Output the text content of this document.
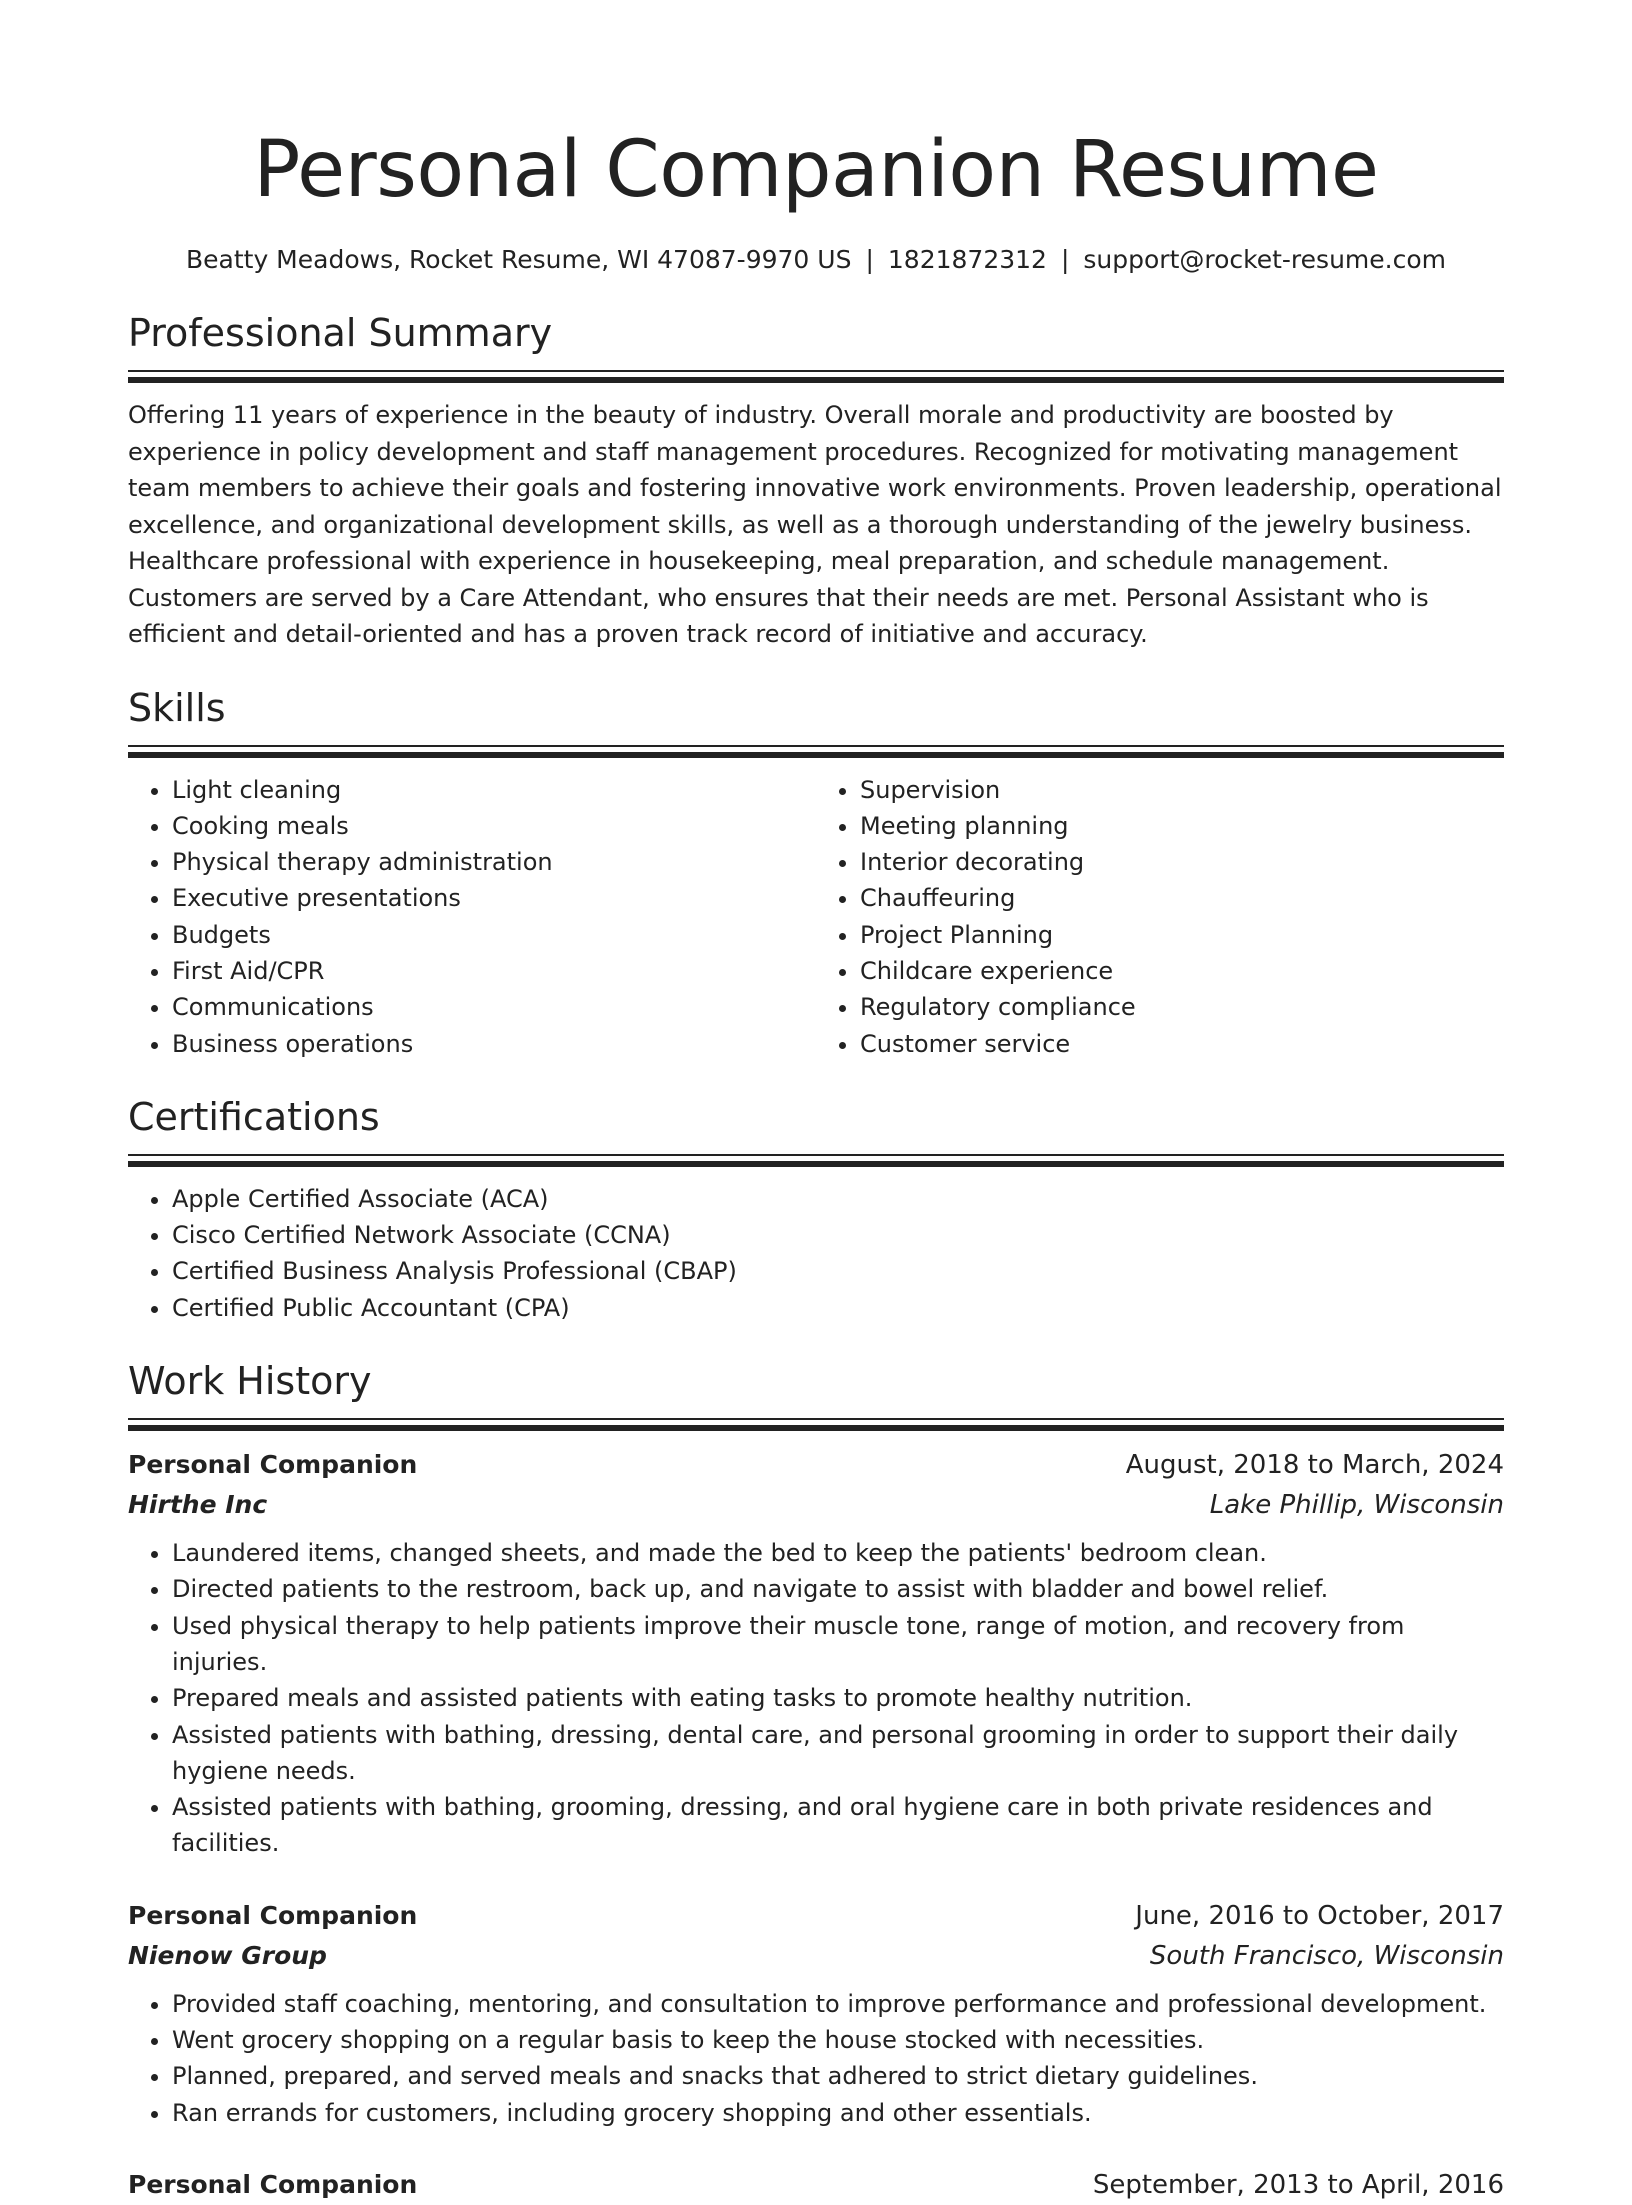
Personal Companion Resume
Beatty Meadows, Rocket Resume, WI 47087-9970 US | 1821872312 | support@rocket-resume.com
Professional Summary

Offering 11 years of experience in the beauty of industry. Overall morale and productivity are boosted by experience in policy development and staff management procedures. Recognized for motivating management team members to achieve their goals and fostering innovative work environments. Proven leadership, operational excellence, and organizational development skills, as well as a thorough understanding of the jewelry business. Healthcare professional with experience in housekeeping, meal preparation, and schedule management. Customers are served by a Care Attendant, who ensures that their needs are met. Personal Assistant who is efficient and detail-oriented and has a proven track record of initiative and accuracy.

Skills
• Light cleaning
• Cooking meals
• Physical therapy administration
• Executive presentations
• Budgets
• First Aid/CPR
• Communications
• Business operations
• Supervision
• Meeting planning
• Interior decorating
• Chauffeuring
• Project Planning
• Childcare experience
• Regulatory compliance
• Customer service
Certifications
• Apple Certified Associate (ACA)
• Cisco Certified Network Associate (CCNA)
• Certified Business Analysis Professional (CBAP)
• Certified Public Accountant (CPA)
Work History
Personal Companion	August, 2018 to March, 2024
Hirthe Inc	Lake Phillip, Wisconsin
• Laundered items, changed sheets, and made the bed to keep the patients' bedroom clean.
• Directed patients to the restroom, back up, and navigate to assist with bladder and bowel relief.
• Used physical therapy to help patients improve their muscle tone, range of motion, and recovery from injuries.
• Prepared meals and assisted patients with eating tasks to promote healthy nutrition.
• Assisted patients with bathing, dressing, dental care, and personal grooming in order to support their daily hygiene needs.
• Assisted patients with bathing, grooming, dressing, and oral hygiene care in both private residences and facilities.
Personal Companion	June, 2016 to October, 2017
Nienow Group	South Francisco, Wisconsin
• Provided staff coaching, mentoring, and consultation to improve performance and professional development.
• Went grocery shopping on a regular basis to keep the house stocked with necessities.
• Planned, prepared, and served meals and snacks that adhered to strict dietary guidelines.
• Ran errands for customers, including grocery shopping and other essentials.
Personal Companion	September, 2013 to April, 2016
